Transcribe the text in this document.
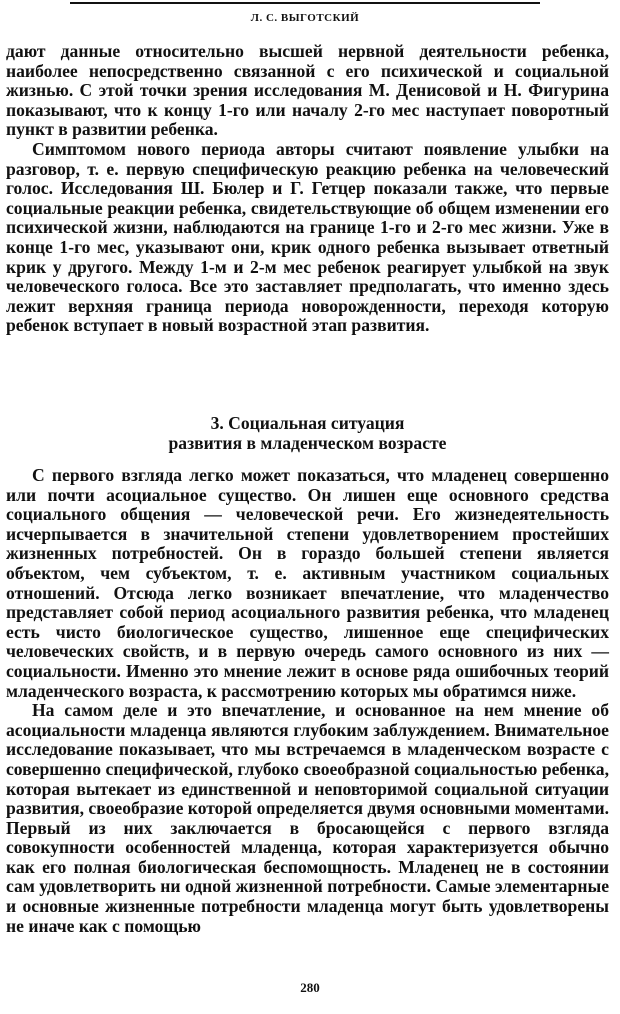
Л. С. ВЫГОТСКИЙ

дают данные относительно высшей нервной деятельности ребенка, наиболее непосредственно связанной с его психической и социальной жизнью. С этой точки зрения исследования М. Денисовой и Н. Фигурина показывают, что к концу 1-го или началу 2-го мес наступает поворотный пункт в развитии ребенка.

Симптомом нового периода авторы считают появление улыбки на разговор, т. е. первую специфическую реакцию ребенка на человеческий голос. Исследования Ш. Бюлер и Г. Гетцер показали также, что первые социальные реакции ребенка, свидетельствующие об общем изменении его психической жизни, наблюдаются на границе 1-го и 2-го мес жизни. Уже в конце 1-го мес, указывают они, крик одного ребенка вызывает ответный крик у другого. Между 1-м и 2-м мес ребенок реагирует улыбкой на звук человеческого голоса. Все это заставляет предполагать, что именно здесь лежит верхняя граница периода новорожденности, переходя которую ребенок вступает в новый возрастной этап развития.

3. Социальная ситуация
развития в младенческом возрасте

С первого взгляда легко может показаться, что младенец совершенно или почти асоциальное существо. Он лишен еще основного средства социального общения — человеческой речи. Его жизнедеятельность исчерпывается в значительной степени удовлетворением простейших жизненных потребностей. Он в гораздо большей степени является объектом, чем субъектом, т. е. активным участником социальных отношений. Отсюда легко возникает впечатление, что младенчество представляет собой период асоциального развития ребенка, что младенец есть чисто биологическое существо, лишенное еще специфических человеческих свойств, и в первую очередь самого основного из них — социальности. Именно это мнение лежит в основе ряда ошибочных теорий младенческого возраста, к рассмотрению которых мы обратимся ниже.

На самом деле и это впечатление, и основанное на нем мнение об асоциальности младенца являются глубоким заблуждением. Внимательное исследование показывает, что мы встречаемся в младенческом возрасте с совершенно специфической, глубоко своеобразной социальностью ребенка, которая вытекает из единственной и неповторимой социальной ситуации развития, своеобразие которой определяется двумя основными моментами. Первый из них заключается в бросающейся с первого взгляда совокупности особенностей младенца, которая характеризуется обычно как его полная биологическая беспомощность. Младенец не в состоянии сам удовлетворить ни одной жизненной потребности. Самые элементарные и основные жизненные потребности младенца могут быть удовлетворены не иначе как с помощью

280
